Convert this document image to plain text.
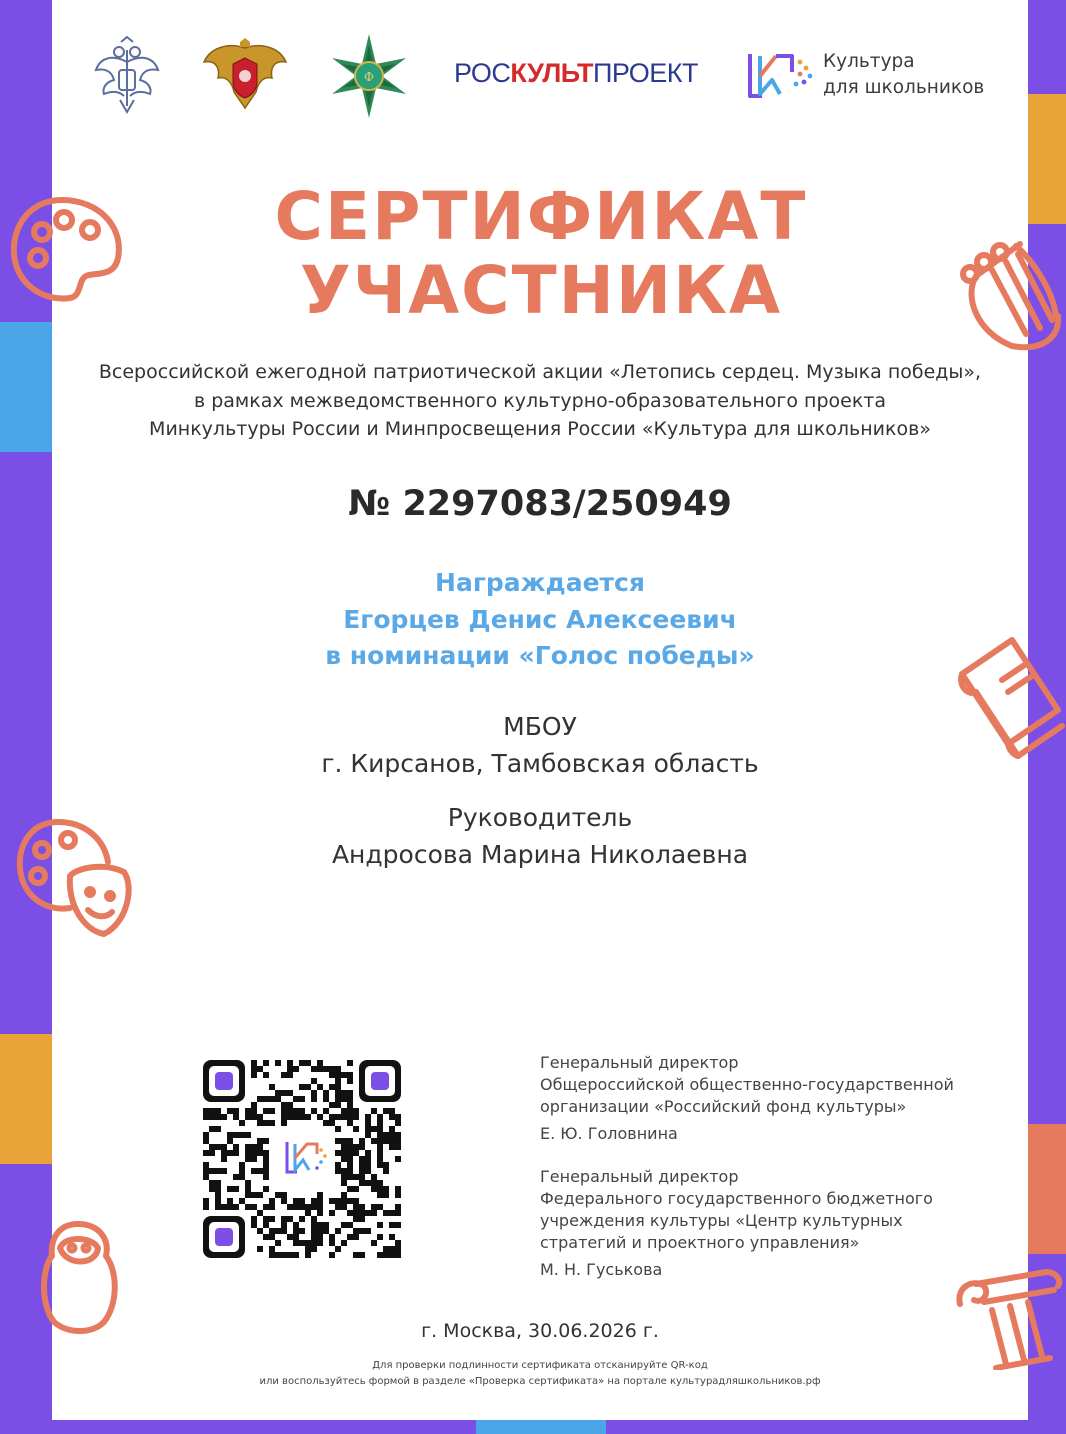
Ф	РОСКУЛЬТПРОЕКТ	Культура
для школьников
СЕРТИФИКАТ
УЧАСТНИКА
Всероссийской ежегодной патриотической акции «Летопись сердец. Музыка победы»,
в рамках межведомственного культурно-образовательного проекта
Минкультуры России и Минпросвещения России «Культура для школьников»
№ 2297083/250949
Награждается
Егорцев Денис Алексеевич
в номинации «Голос победы»
МБОУ
г. Кирсанов, Тамбовская область
Руководитель
Андросова Марина Николаевна
Генеральный директор
Общероссийской общественно-государственной
организации «Российский фонд культуры»
Е. Ю. Головнина
Генеральный директор
Федерального государственного бюджетного
учреждения культуры «Центр культурных
стратегий и проектного управления»
М. Н. Гуськова
г. Москва, 30.06.2026 г.
Для проверки подлинности сертификата отсканируйте QR-код
или воспользуйтесь формой в разделе «Проверка сертификата» на портале культурадляшкольников.рф
